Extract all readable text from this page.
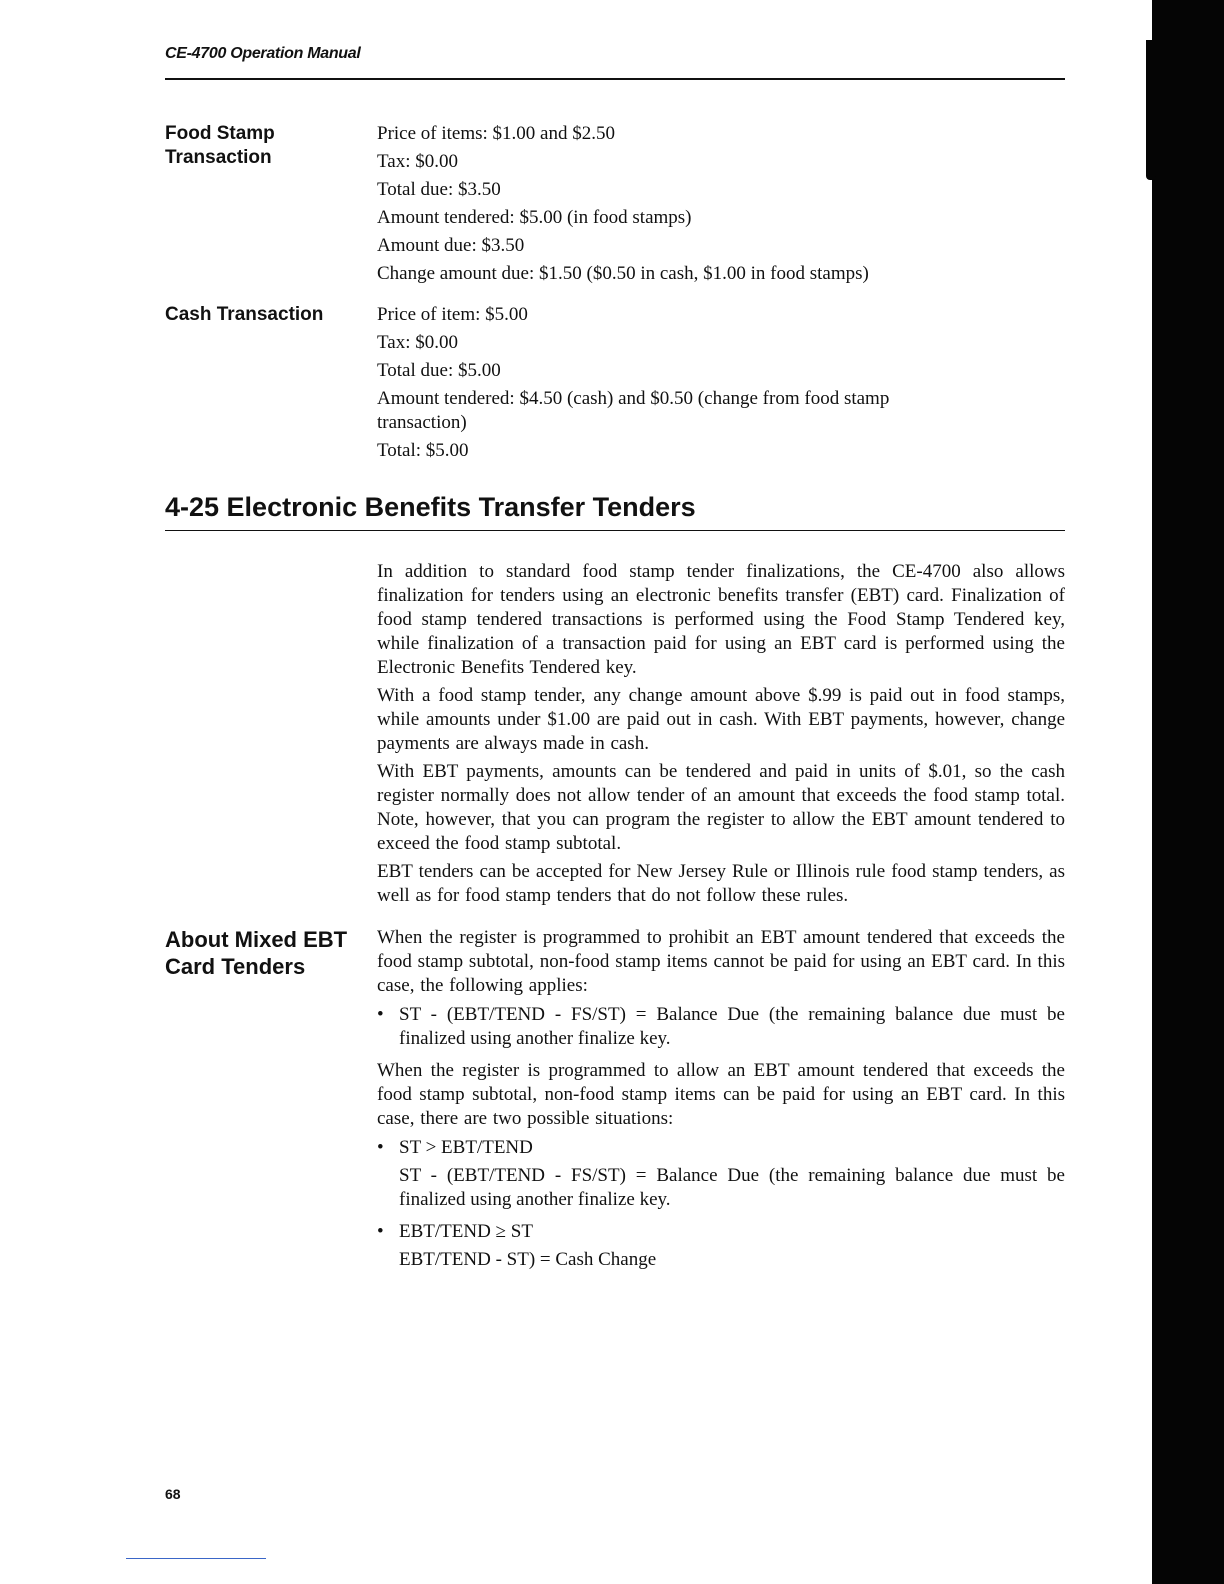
CE-4700 Operation Manual
Food Stamp
Transaction
Price of items: $1.00 and $2.50
Tax: $0.00
Total due: $3.50
Amount tendered: $5.00 (in food stamps)
Amount due: $3.50
Change amount due: $1.50 ($0.50 in cash, $1.00 in food stamps)
Cash Transaction	Price of item: $5.00
Tax: $0.00
Total due: $5.00
Amount tendered: $4.50 (cash) and $0.50 (change from food stamp transaction)
Total: $5.00
4-25 Electronic Benefits Transfer Tenders

In addition to standard food stamp tender finalizations, the CE-4700 also allows finalization for tenders using an electronic benefits transfer (EBT) card. Finalization of food stamp tendered transactions is performed using the Food Stamp Tendered key, while finalization of a transaction paid for using an EBT card is performed using the Electronic Benefits Tendered key.

With a food stamp tender, any change amount above $.99 is paid out in food stamps, while amounts under $1.00 are paid out in cash. With EBT payments, however, change payments are always made in cash.

With EBT payments, amounts can be tendered and paid in units of $.01, so the cash register normally does not allow tender of an amount that exceeds the food stamp total. Note, however, that you can program the register to allow the EBT amount tendered to exceed the food stamp subtotal.

EBT tenders can be accepted for New Jersey Rule or Illinois rule food stamp tenders, as well as for food stamp tenders that do not follow these rules.

About Mixed EBT
Card Tenders

When the register is programmed to prohibit an EBT amount tendered that exceeds the food stamp subtotal, non-food stamp items cannot be paid for using an EBT card. In this case, the following applies:

• ST - (EBT/TEND - FS/ST) = Balance Due (the remaining balance due must be finalized using another finalize key.

When the register is programmed to allow an EBT amount tendered that exceeds the food stamp subtotal, non-food stamp items can be paid for using an EBT card. In this case, there are two possible situations:

• ST > EBT/TEND
ST - (EBT/TEND - FS/ST) = Balance Due (the remaining balance due must be finalized using another finalize key.
• EBT/TEND ≥ ST
EBT/TEND - ST) = Cash Change
68
